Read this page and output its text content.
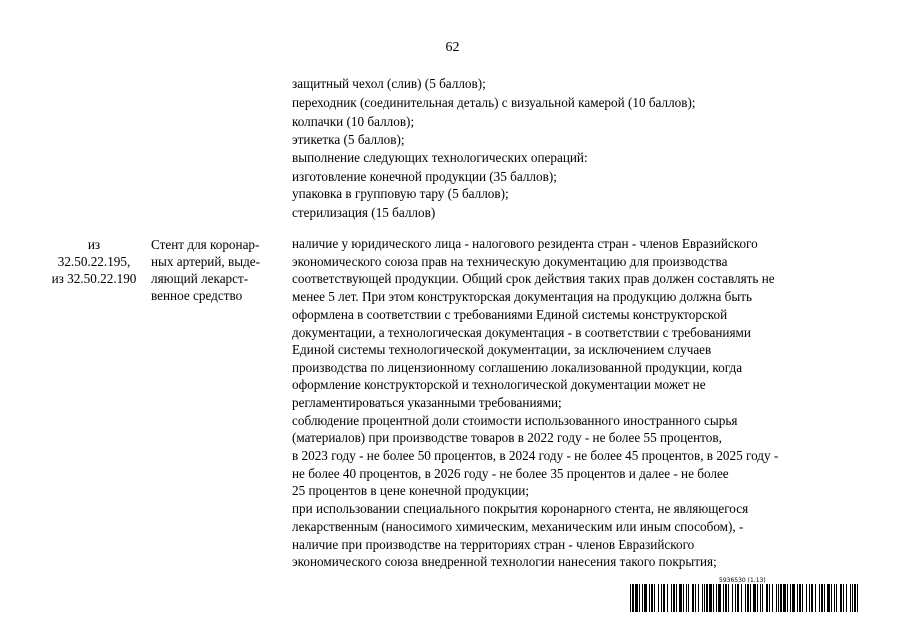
62
защитный чехол (слив) (5 баллов);
переходник (соединительная деталь) с визуальной камерой (10 баллов);
колпачки (10 баллов);
этикетка (5 баллов);
выполнение следующих технологических операций:
изготовление конечной продукции (35 баллов);
упаковка в групповую тару (5 баллов);
стерилизация (15 баллов)
из
32.50.22.195,
из 32.50.22.190
Стент для коронар-
ных артерий, выде-
ляющий лекарст-
венное средство
наличие у юридического лица - налогового резидента стран - членов Евразийского
экономического союза прав на техническую документацию для производства
соответствующей продукции. Общий срок действия таких прав должен составлять не
менее 5 лет. При этом конструкторская документация на продукцию должна быть
оформлена в соответствии с требованиями Единой системы конструкторской
документации, а технологическая документация - в соответствии с требованиями
Единой системы технологической документации, за исключением случаев
производства по лицензионному соглашению локализованной продукции, когда
оформление конструкторской и технологической документации может не
регламентироваться указанными требованиями;
соблюдение процентной доли стоимости использованного иностранного сырья
(материалов) при производстве товаров в 2022 году - не более 55 процентов,
в 2023 году - не более 50 процентов, в 2024 году - не более 45 процентов, в 2025 году -
не более 40 процентов, в 2026 году - не более 35 процентов и далее - не более
25 процентов в цене конечной продукции;
при использовании специального покрытия коронарного стента, не являющегося
лекарственным (наносимого химическим, механическим или иным способом), -
наличие при производстве на территориях стран - членов Евразийского
экономического союза внедренной технологии нанесения такого покрытия;
5936530 (1.13)
